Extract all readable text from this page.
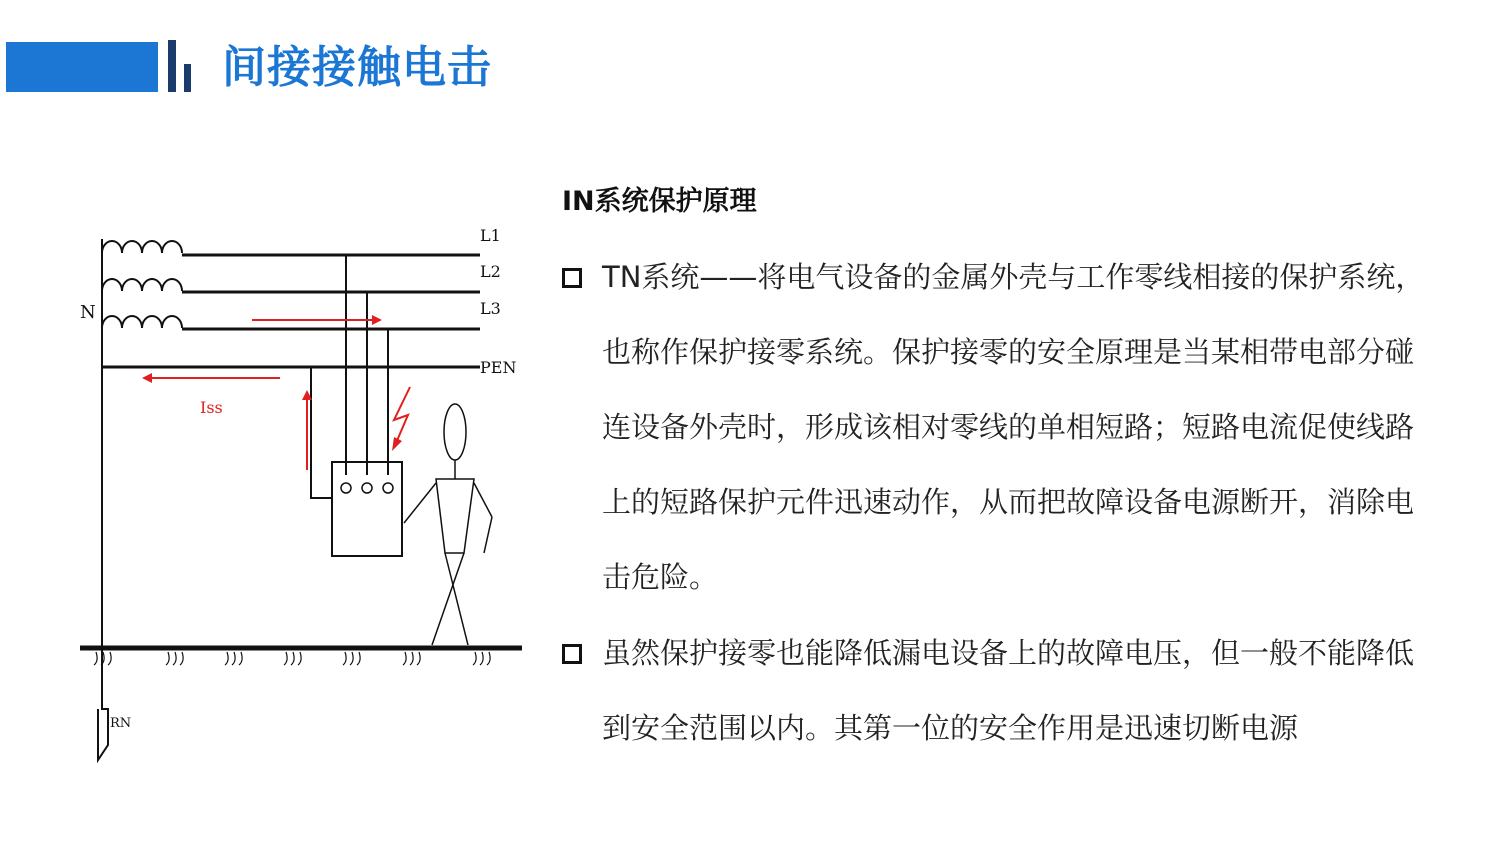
间接接触电击
L1
L2
L3
PEN
N
Iss
RN
IN系统保护原理
TN系统——将电气设备的金属外壳与工作零线相接的保护系统，也称作保护接零系统。保护接零的安全原理是当某相带电部分碰连设备外壳时，形成该相对零线的单相短路；短路电流促使线路上的短路保护元件迅速动作，从而把故障设备电源断开，消除电击危险。
虽然保护接零也能降低漏电设备上的故障电压，但一般不能降低到安全范围以内。其第一位的安全作用是迅速切断电源
